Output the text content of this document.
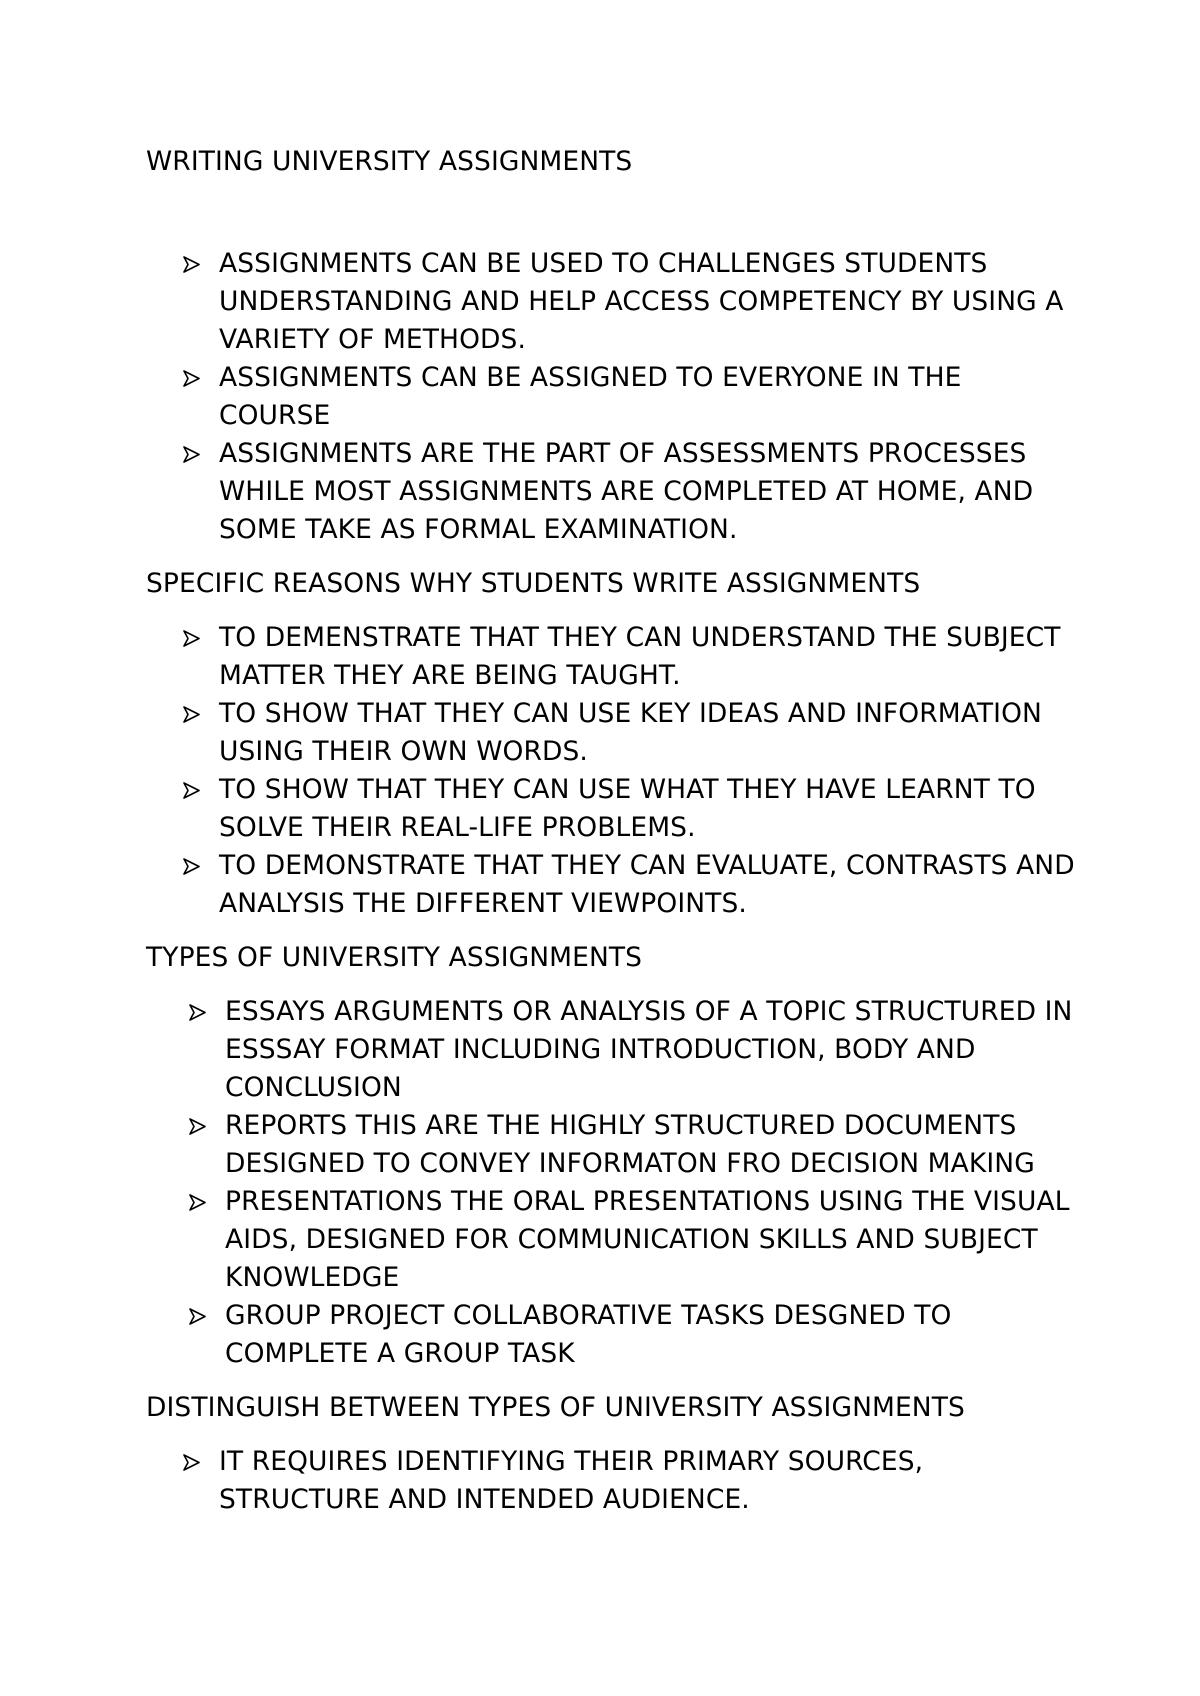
WRITING UNIVERSITY ASSIGNMENTS

ASSIGNMENTS CAN BE USED TO CHALLENGES STUDENTS UNDERSTANDING AND HELP ACCESS COMPETENCY BY USING A VARIETY OF METHODS.
ASSIGNMENTS CAN BE ASSIGNED TO EVERYONE IN THE COURSE
ASSIGNMENTS ARE THE PART OF ASSESSMENTS PROCESSES WHILE MOST ASSIGNMENTS ARE COMPLETED AT HOME, AND SOME TAKE AS FORMAL EXAMINATION.

SPECIFIC REASONS WHY STUDENTS WRITE ASSIGNMENTS

TO DEMENSTRATE THAT THEY CAN UNDERSTAND THE SUBJECT MATTER THEY ARE BEING TAUGHT.
TO SHOW THAT THEY CAN USE KEY IDEAS AND INFORMATION USING THEIR OWN WORDS.
TO SHOW THAT THEY CAN USE WHAT THEY HAVE LEARNT TO SOLVE THEIR REAL-LIFE PROBLEMS.
TO DEMONSTRATE THAT THEY CAN EVALUATE, CONTRASTS AND ANALYSIS THE DIFFERENT VIEWPOINTS.

TYPES OF UNIVERSITY ASSIGNMENTS

ESSAYS ARGUMENTS OR ANALYSIS OF A TOPIC STRUCTURED IN ESSSAY FORMAT INCLUDING INTRODUCTION, BODY AND CONCLUSION
REPORTS THIS ARE THE HIGHLY STRUCTURED DOCUMENTS DESIGNED TO CONVEY INFORMATON FRO DECISION MAKING
PRESENTATIONS THE ORAL PRESENTATIONS USING THE VISUAL AIDS, DESIGNED FOR COMMUNICATION SKILLS AND SUBJECT KNOWLEDGE
GROUP PROJECT COLLABORATIVE TASKS DESGNED TO COMPLETE A GROUP TASK

DISTINGUISH BETWEEN TYPES OF UNIVERSITY ASSIGNMENTS

IT REQUIRES IDENTIFYING THEIR PRIMARY SOURCES, STRUCTURE AND INTENDED AUDIENCE.
